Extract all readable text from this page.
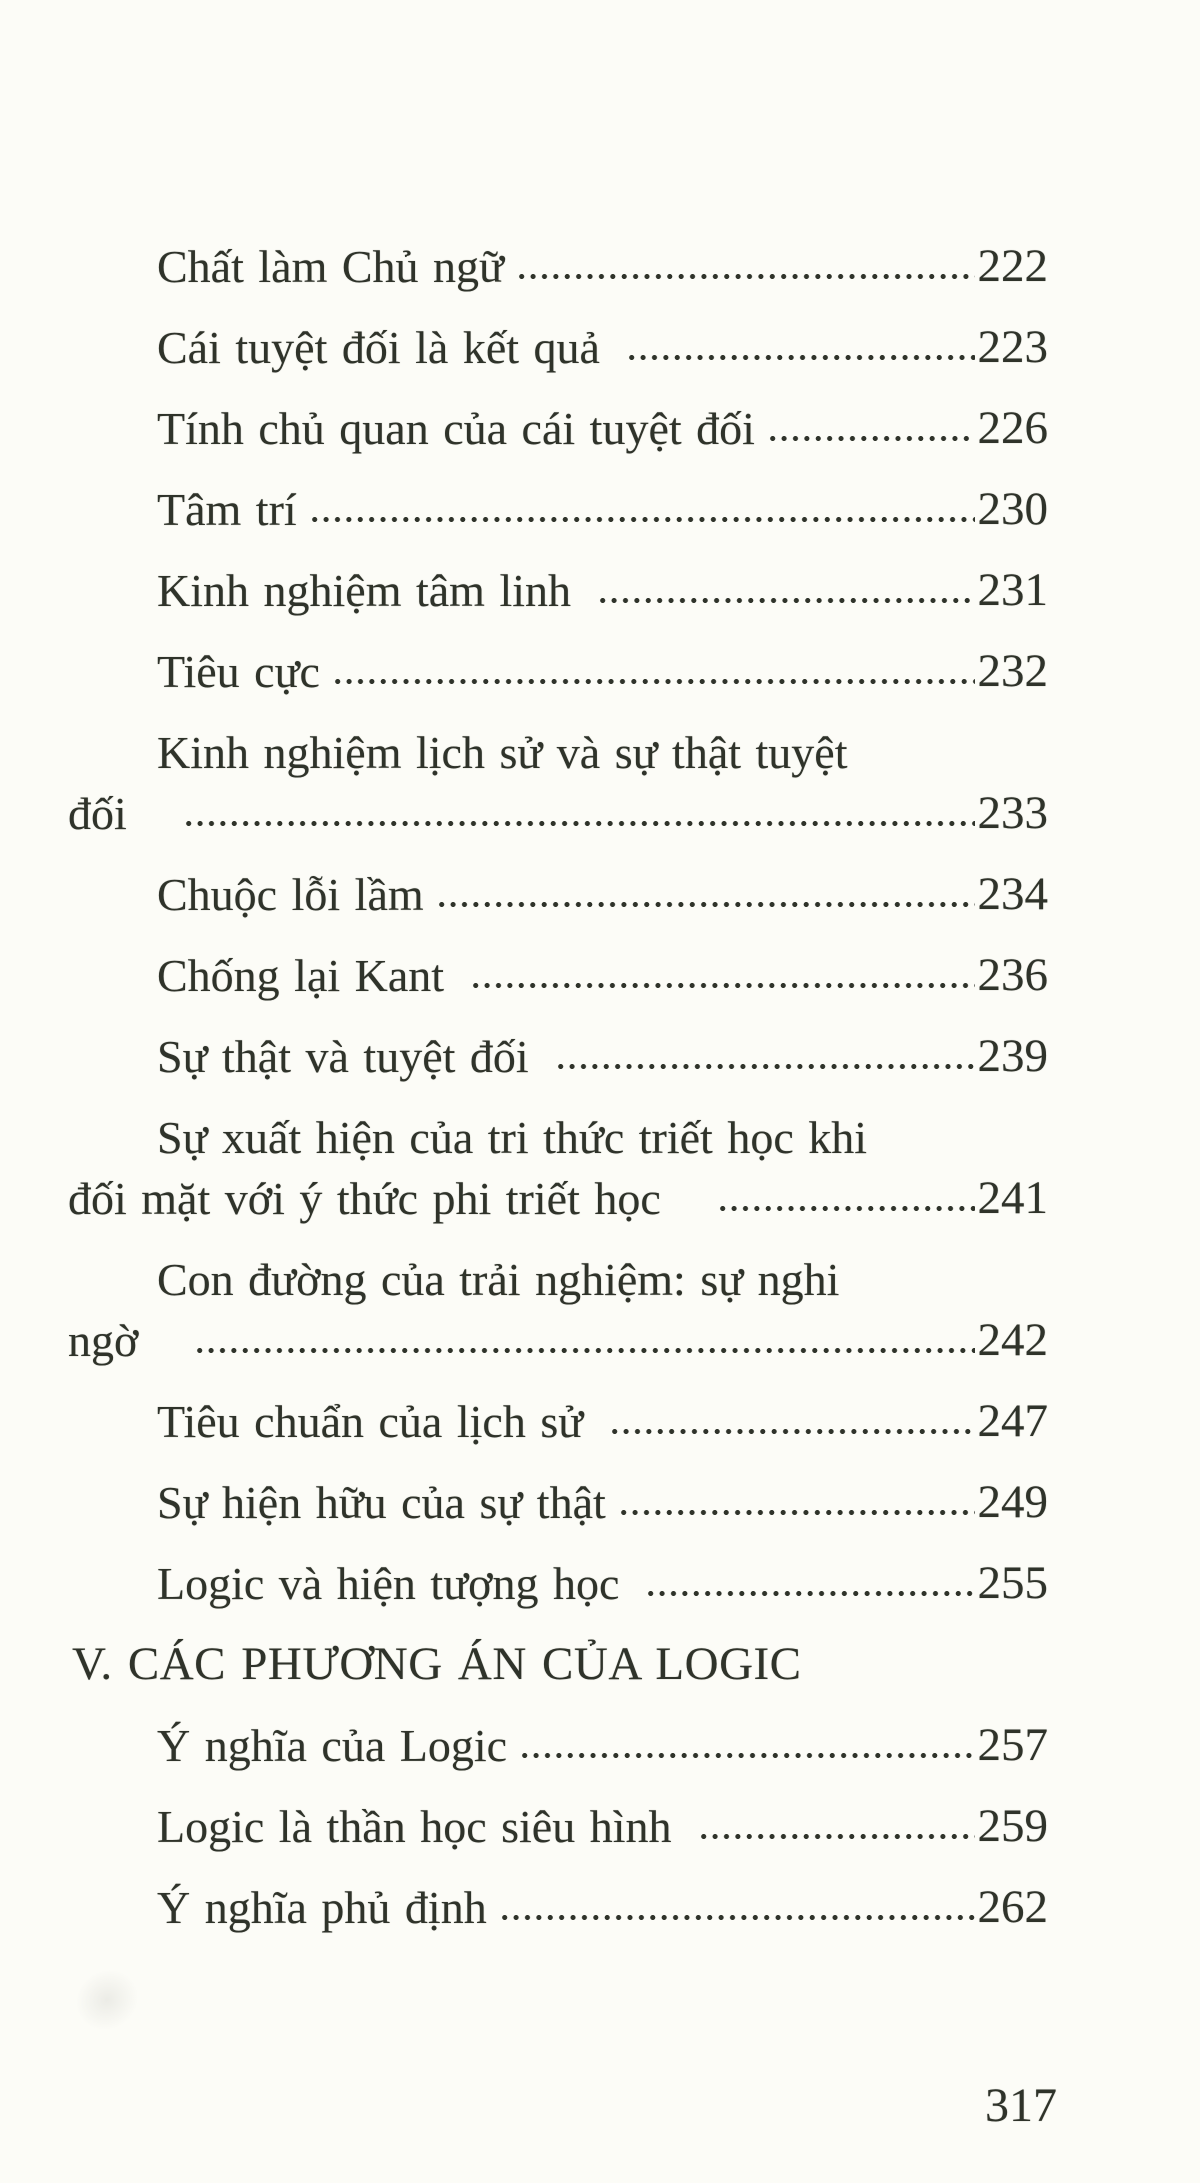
Chất làm Chủ ngữ	222
Cái tuyệt đối là kết quả	223
Tính chủ quan của cái tuyệt đối	226
Tâm trí	230
Kinh nghiệm tâm linh	231
Tiêu cực	232
Kinh nghiệm lịch sử và sự thật tuyệt
đối	233
Chuộc lỗi lầm	234
Chống lại Kant	236
Sự thật và tuyệt đối	239
Sự xuất hiện của tri thức triết học khi
đối mặt với ý thức phi triết học	241
Con đường của trải nghiệm: sự nghi
ngờ	242
Tiêu chuẩn của lịch sử	247
Sự hiện hữu của sự thật	249
Logic và hiện tượng học	255
V. CÁC PHƯƠNG ÁN CỦA LOGIC
Ý nghĩa của Logic	257
Logic là thần học siêu hình	259
Ý nghĩa phủ định	262
317
